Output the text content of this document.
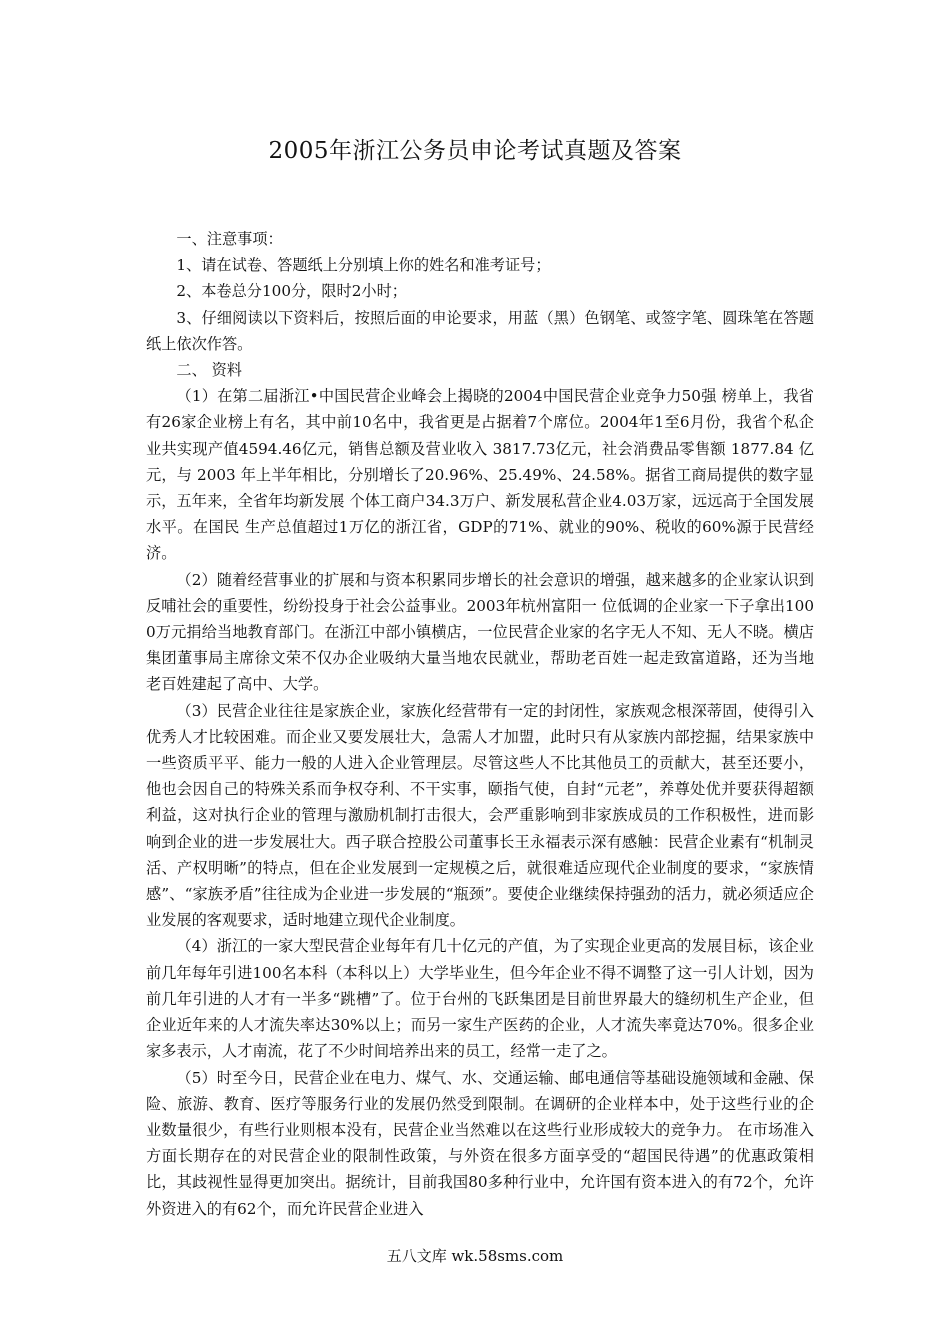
2005年浙江公务员申论考试真题及答案

一、注意事项：

1、请在试卷、答题纸上分别填上你的姓名和准考证号；

2、本卷总分100分，限时2小时；

3、仔细阅读以下资料后，按照后面的申论要求，用蓝（黑）色钢笔、或签字笔、圆珠笔在答题纸上依次作答。

二、 资料

（1）在第二届浙江•中国民营企业峰会上揭晓的2004中国民营企业竞争力50强 榜单上，我省有26家企业榜上有名，其中前10名中，我省更是占据着7个席位。2004年1至6月份，我省个私企业共实现产值4594.46亿元，销售总额及营业收入 3817.73亿元，社会消费品零售额 1877.84 亿元，与 2003 年上半年相比，分别增长了20.96%、25.49%、24.58%。据省工商局提供的数字显示，五年来，全省年均新发展 个体工商户34.3万户、新发展私营企业4.03万家，远远高于全国发展水平。在国民 生产总值超过1万亿的浙江省，GDP的71%、就业的90%、税收的60%源于民营经济。

（2）随着经营事业的扩展和与资本积累同步增长的社会意识的增强，越来越多的企业家认识到反哺社会的重要性，纷纷投身于社会公益事业。2003年杭州富阳一 位低调的企业家一下子拿出1000万元捐给当地教育部门。在浙江中部小镇横店，一位民营企业家的名字无人不知、无人不晓。横店集团董事局主席徐文荣不仅办企业吸纳大量当地农民就业，帮助老百姓一起走致富道路，还为当地老百姓建起了高中、大学。

（3）民营企业往往是家族企业，家族化经营带有一定的封闭性，家族观念根深蒂固，使得引入优秀人才比较困难。而企业又要发展壮大，急需人才加盟，此时只有从家族内部挖掘，结果家族中一些资质平平、能力一般的人进入企业管理层。尽管这些人不比其他员工的贡献大，甚至还要小，他也会因自己的特殊关系而争权夺利、不干实事，颐指气使，自封“元老”，养尊处优并要获得超额利益，这对执行企业的管理与激励机制打击很大，会严重影响到非家族成员的工作积极性，进而影响到企业的进一步发展壮大。西子联合控股公司董事长王永福表示深有感触：民营企业素有“机制灵活、产权明晰”的特点，但在企业发展到一定规模之后，就很难适应现代企业制度的要求，“家族情感”、“家族矛盾”往往成为企业进一步发展的“瓶颈”。要使企业继续保持强劲的活力，就必须适应企业发展的客观要求，适时地建立现代企业制度。

（4）浙江的一家大型民营企业每年有几十亿元的产值，为了实现企业更高的发展目标，该企业前几年每年引进100名本科（本科以上）大学毕业生，但今年企业不得不调整了这一引人计划，因为前几年引进的人才有一半多“跳槽”了。位于台州的飞跃集团是目前世界最大的缝纫机生产企业，但企业近年来的人才流失率达30%以上；而另一家生产医药的企业，人才流失率竟达70%。很多企业家多表示，人才南流，花了不少时间培养出来的员工，经常一走了之。

（5）时至今日，民营企业在电力、煤气、水、交通运输、邮电通信等基础设施领域和金融、保险、旅游、教育、医疗等服务行业的发展仍然受到限制。在调研的企业样本中，处于这些行业的企业数量很少，有些行业则根本没有，民营企业当然难以在这些行业形成较大的竞争力。 在市场准入方面长期存在的对民营企业的限制性政策，与外资在很多方面享受的“超国民待遇”的优惠政策相比，其歧视性显得更加突出。据统计，目前我国80多种行业中，允许国有资本进入的有72个，允许外资进入的有62个，而允许民营企业进入

五八文库 wk.58sms.com
